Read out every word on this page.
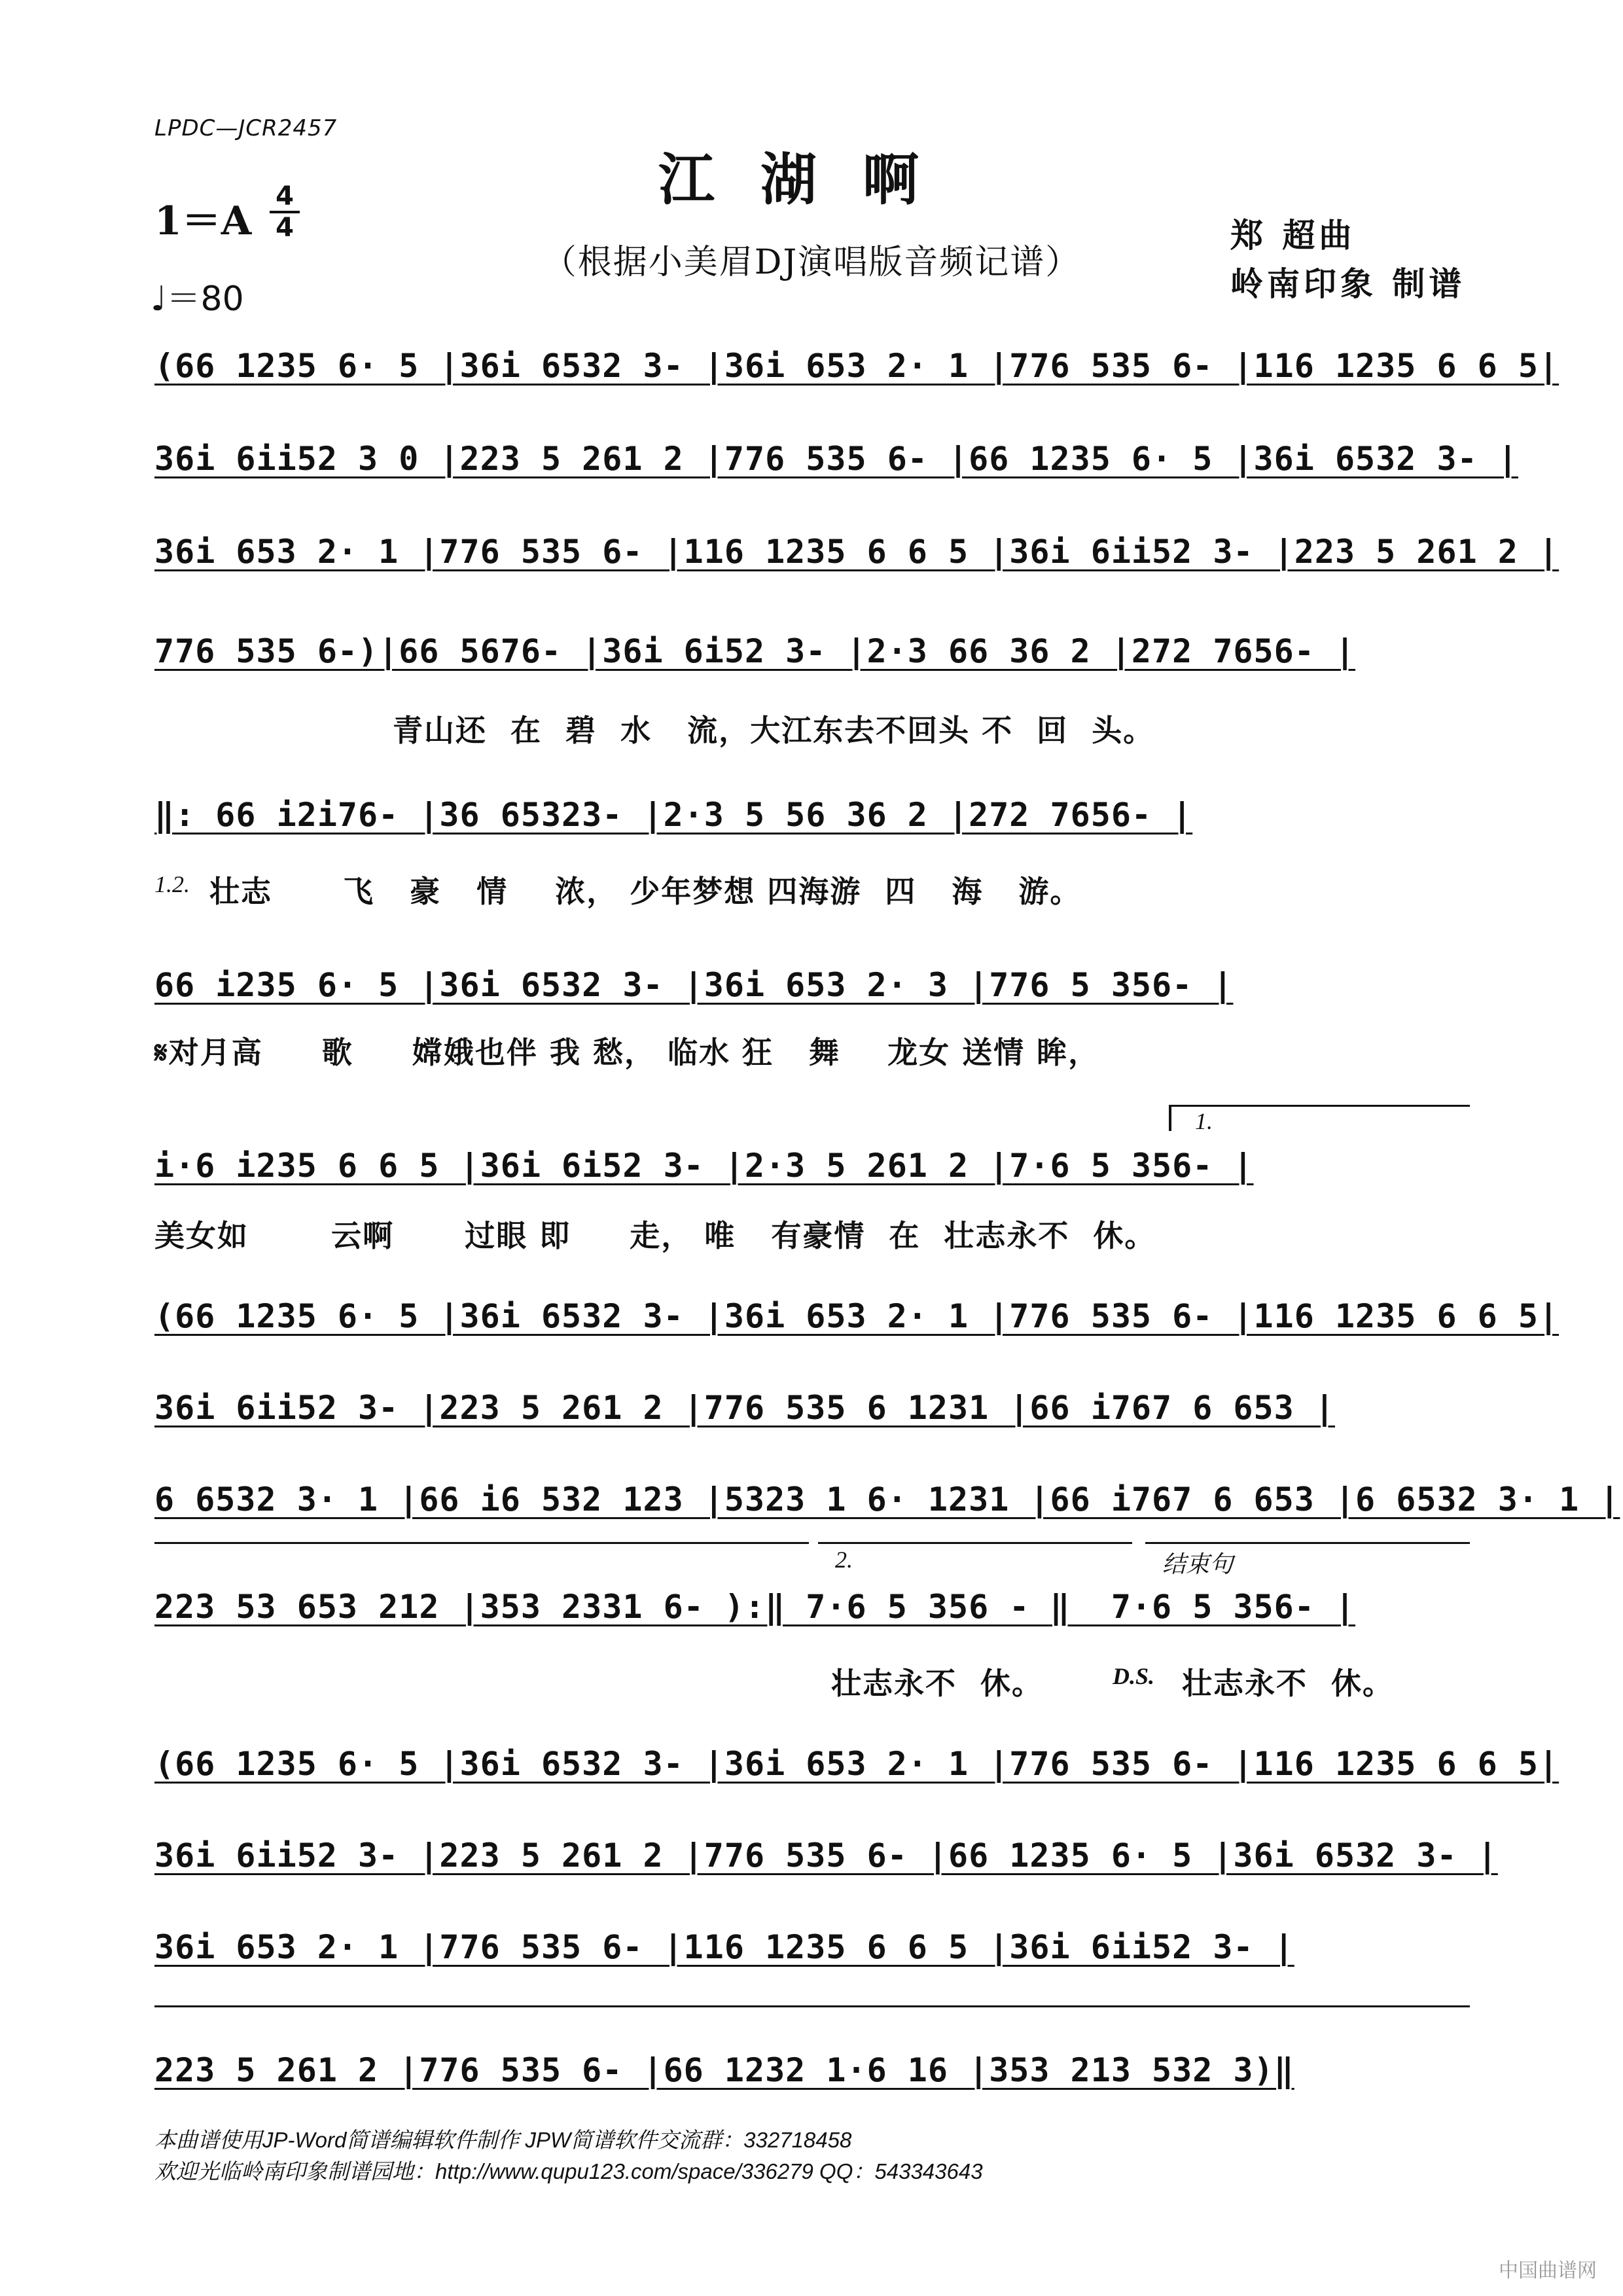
LPDC—JCR2457
江湖啊
（根据小美眉DJ演唱版音频记谱）
1＝A
4
4
♩＝80
郑 超曲
岭南印象 制谱
(66 1235 6· 5 |36i 6532 3- |36i 653 2· 1 |776 535 6- |116 1235 6 6 5|
36i 6ii52 3 0 |223 5 261 2 |776 535 6- |66 1235 6· 5 |36i 6532 3- |
36i 653 2· 1 |776 535 6- |116 1235 6 6 5 |36i 6ii52 3- |223 5 261 2 |
776 535 6-)|66 5676- |36i 6i52 3- |2·3 66 36 2 |272 7656- |
青山还  在  碧  水   流，大江东去不回头 不  回  头。
‖: 66 i2i76- |36 65323- |2·3 5 56 36 2 |272 7656- |
1.2. 壮志      飞   豪   情    浓， 少年梦想 四海游  四   海   游。
66 i235 6· 5 |36i 6532 3- |36i 653 2· 3 |776 5 356- |
𝄋对月高     歌     嫦娥也伴 我 愁， 临水 狂   舞    龙女 送情 眸，
1.
i·6 i235 6 6 5 |36i 6i52 3- |2·3 5 261 2 |7·6 5 356- |
美女如       云啊      过眼 即     走， 唯   有豪情  在  壮志永不  休。
(66 1235 6· 5 |36i 6532 3- |36i 653 2· 1 |776 535 6- |116 1235 6 6 5|
36i 6ii52 3- |223 5 261 2 |776 535 6 1231 |66 i767 6 653 |
6 6532 3· 1 |66 i6 532 123 |5323 1 6· 1231 |66 i767 6 653 |6 6532 3· 1 |
2.	结束句
223 53 653 212 |353 2331 6- ):‖ 7·6 5 356 - ‖  7·6 5 356- |
壮志永不  休。	D.S. 壮志永不  休。
(66 1235 6· 5 |36i 6532 3- |36i 653 2· 1 |776 535 6- |116 1235 6 6 5|
36i 6ii52 3- |223 5 261 2 |776 535 6- |66 1235 6· 5 |36i 6532 3- |
36i 653 2· 1 |776 535 6- |116 1235 6 6 5 |36i 6ii52 3- |
223 5 261 2 |776 535 6- |66 1232 1·6 16 |353 213 532 3)‖
本曲谱使用JP-Word简谱编辑软件制作 JPW简谱软件交流群：332718458
欢迎光临岭南印象制谱园地：http://www.qupu123.com/space/336279 QQ：543343643
中国曲谱网
